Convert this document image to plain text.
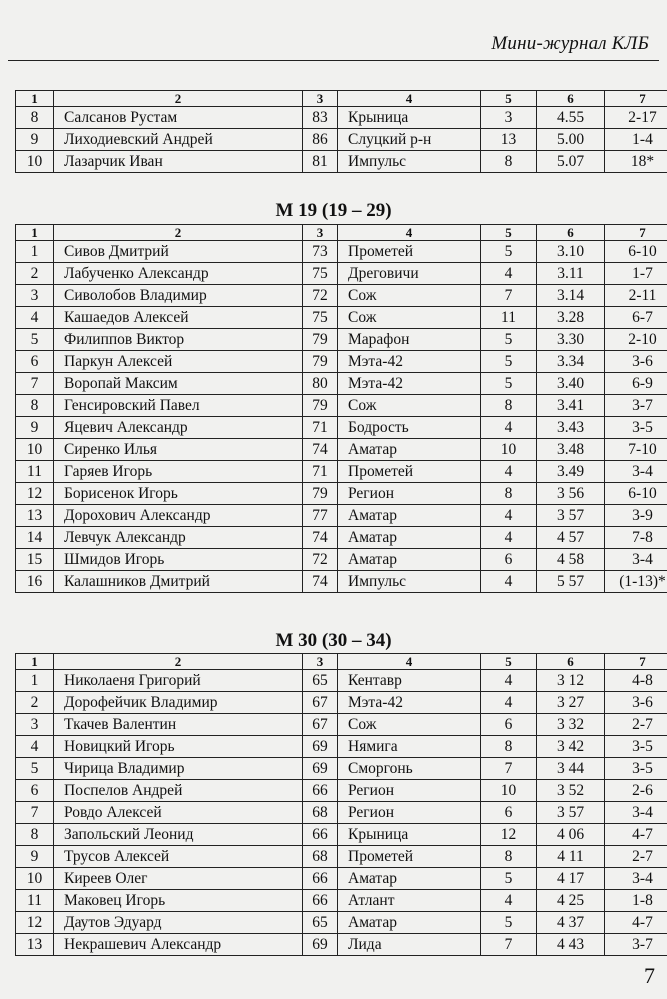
Мини-журнал КЛБ
1	2	3	4	5	6	7
8	Салсанов Рустам	83	Крыница	3	4.55	2-17
9	Лиходиевский Андрей	86	Слуцкий р-н	13	5.00	1-4
10	Лазарчик Иван	81	Импульс	8	5.07	18*
М 19 (19 – 29)
1	2	3	4	5	6	7
1	Сивов Дмитрий	73	Прометей	5	3.10	6-10
2	Лабученко Александр	75	Дреговичи	4	3.11	1-7
3	Сиволобов Владимир	72	Сож	7	3.14	2-11
4	Кашаедов Алексей	75	Сож	11	3.28	6-7
5	Филиппов Виктор	79	Марафон	5	3.30	2-10
6	Паркун Алексей	79	Мэта-42	5	3.34	3-6
7	Воропай Максим	80	Мэта-42	5	3.40	6-9
8	Генсировский Павел	79	Сож	8	3.41	3-7
9	Яцевич Александр	71	Бодрость	4	3.43	3-5
10	Сиренко Илья	74	Аматар	10	3.48	7-10
11	Гаряев Игорь	71	Прометей	4	3.49	3-4
12	Борисенок Игорь	79	Регион	8	3 56	6-10
13	Дорохович Александр	77	Аматар	4	3 57	3-9
14	Левчук Александр	74	Аматар	4	4 57	7-8
15	Шмидов Игорь	72	Аматар	6	4 58	3-4
16	Калашников Дмитрий	74	Импульс	4	5 57	(1-13)*
М 30 (30 – 34)
1	2	3	4	5	6	7
1	Николаеня Григорий	65	Кентавр	4	3 12	4-8
2	Дорофейчик Владимир	67	Мэта-42	4	3 27	3-6
3	Ткачев Валентин	67	Сож	6	3 32	2-7
4	Новицкий Игорь	69	Нямига	8	3 42	3-5
5	Чирица Владимир	69	Сморгонь	7	3 44	3-5
6	Поспелов Андрей	66	Регион	10	3 52	2-6
7	Ровдо Алексей	68	Регион	6	3 57	3-4
8	Запольский Леонид	66	Крыница	12	4 06	4-7
9	Трусов Алексей	68	Прометей	8	4 11	2-7
10	Киреев Олег	66	Аматар	5	4 17	3-4
11	Маковец Игорь	66	Атлант	4	4 25	1-8
12	Даутов Эдуард	65	Аматар	5	4 37	4-7
13	Некрашевич Александр	69	Лида	7	4 43	3-7
7
